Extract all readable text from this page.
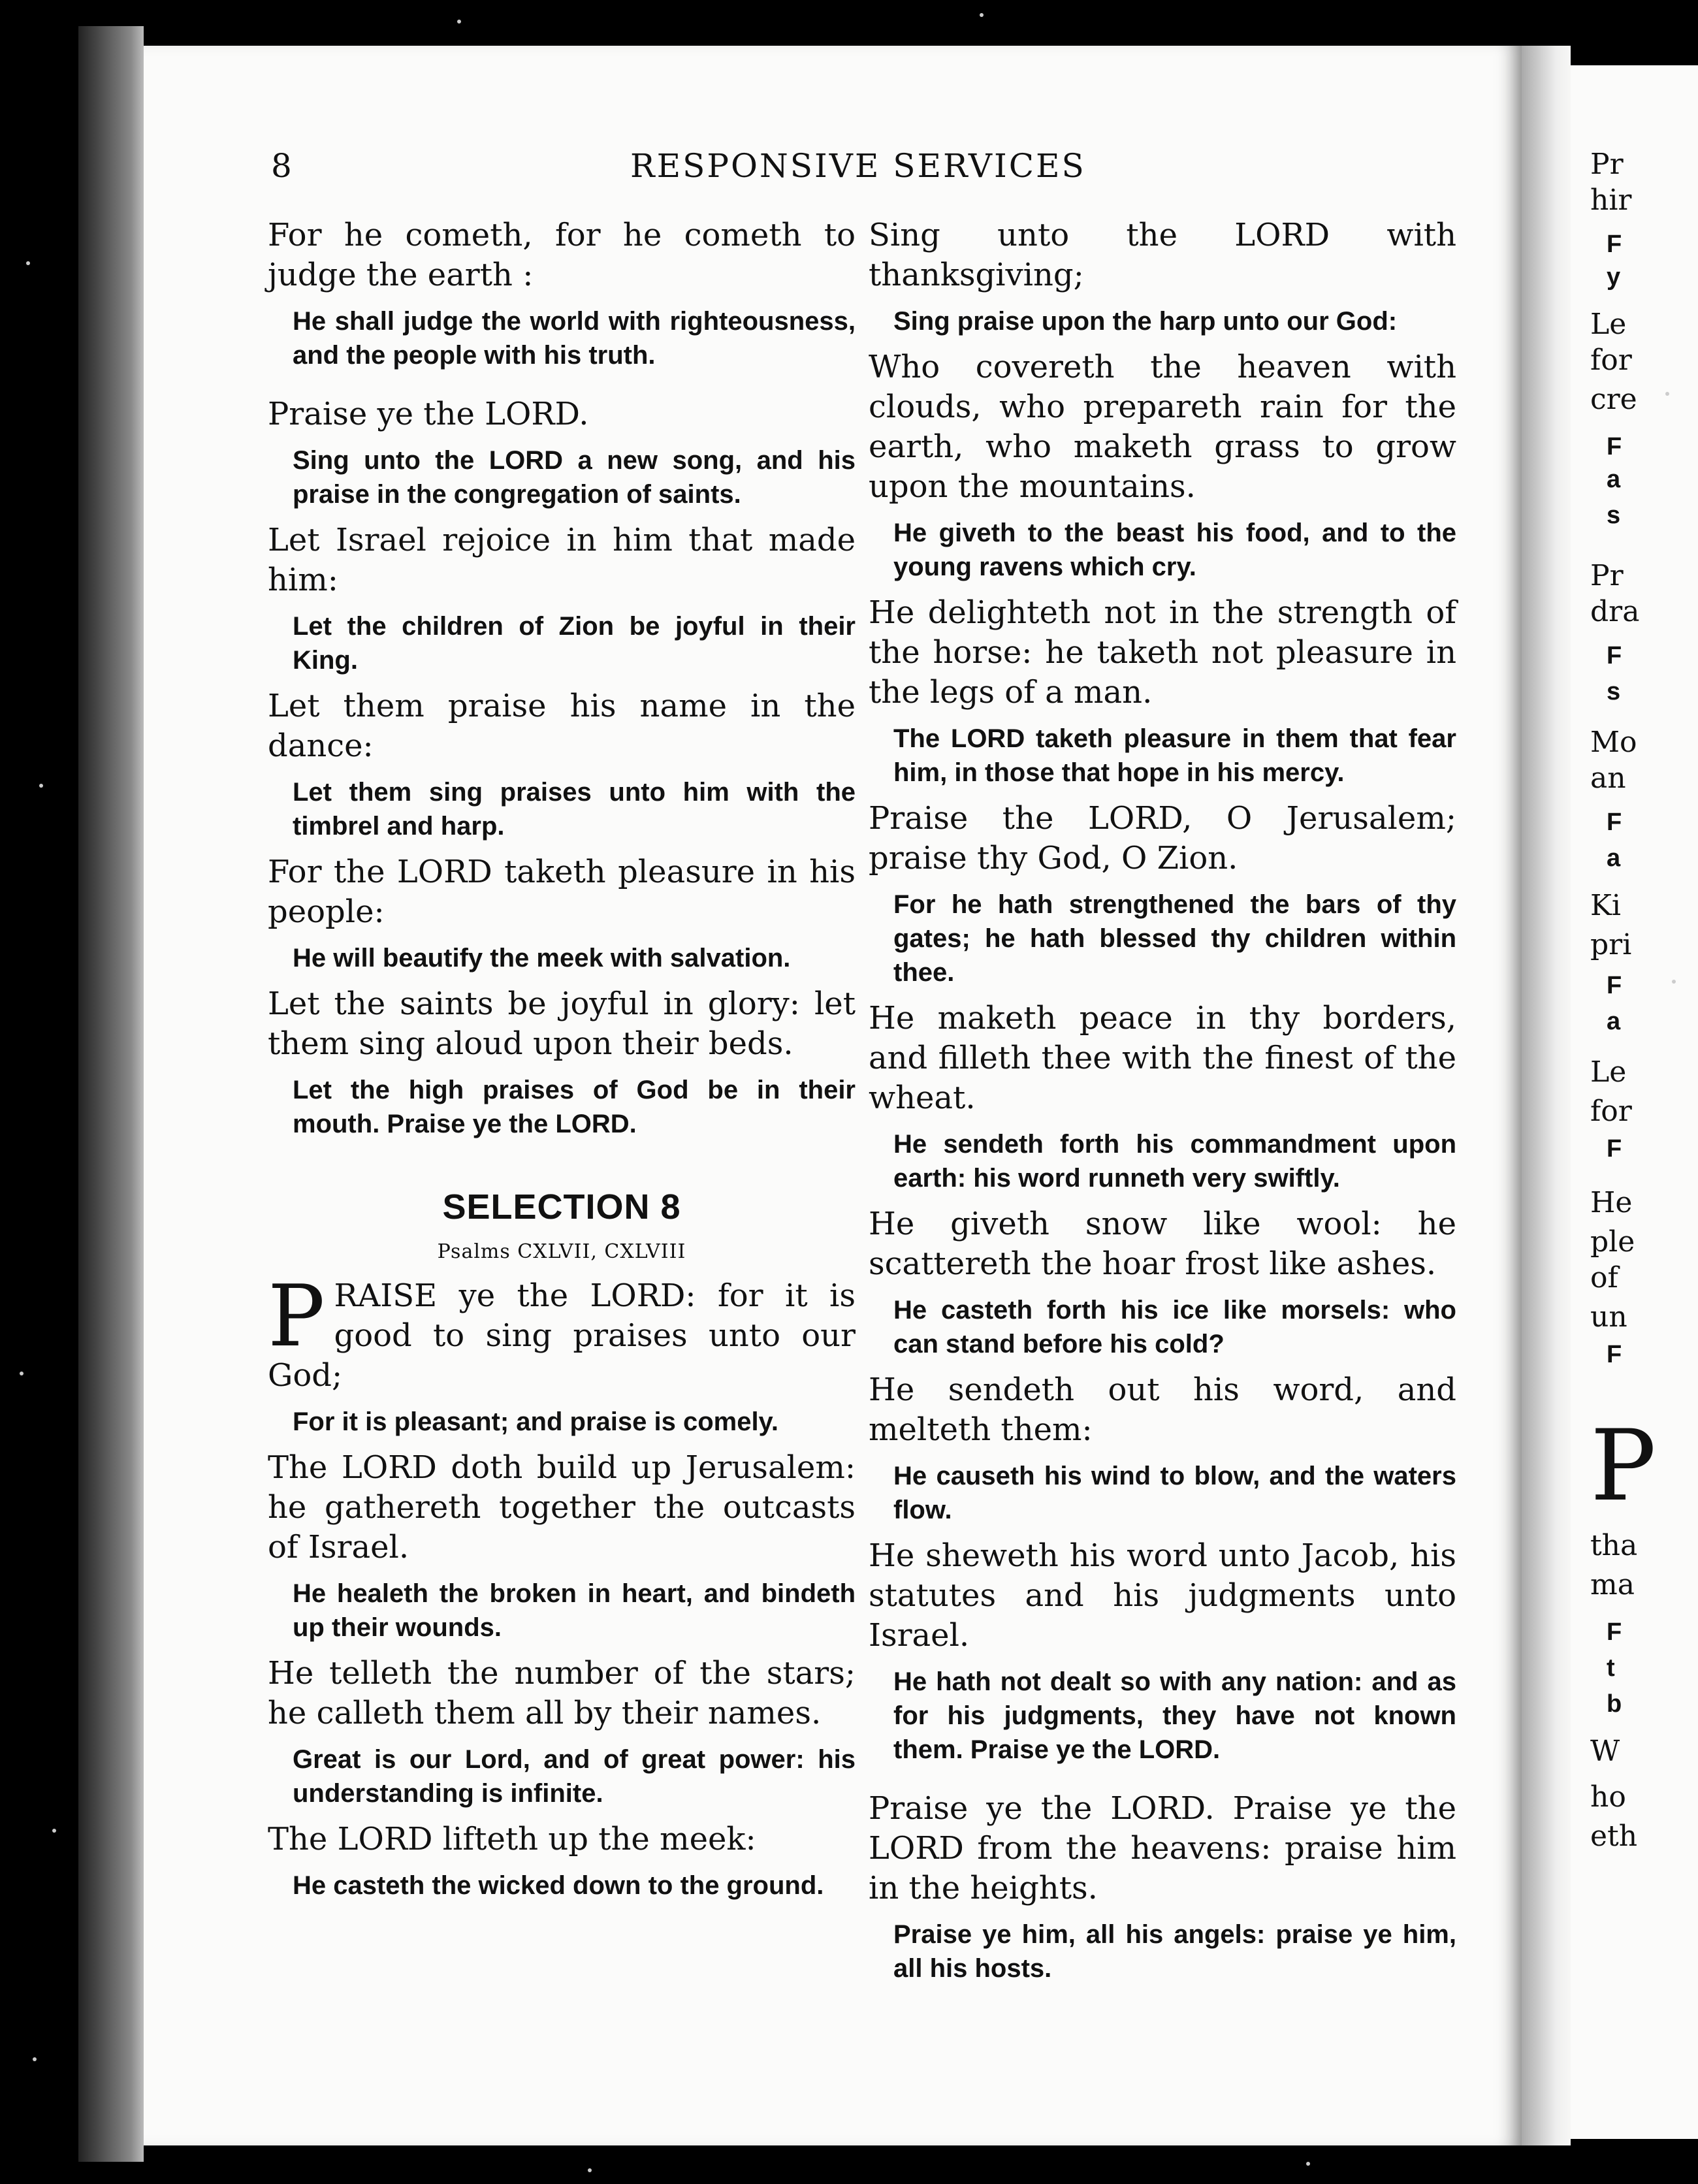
Pr
hir
F
y
Le
for
cre
F
a
s
Pr
dra
F
s
Mo
an
F
a
Ki
pri
F
a
Le
for
F
He
ple
of
un
F
P
tha
ma
F
t
b
W
ho
eth
8	RESPONSIVE SERVICES

For he cometh, for he cometh to judge the earth :

He shall judge the world with righteousness, and the people with his truth.

Praise ye the LORD.

Sing unto the LORD a new song, and his praise in the congregation of saints.

Let Israel rejoice in him that made him:

Let the children of Zion be joyful in their King.

Let them praise his name in the dance:

Let them sing praises unto him with the timbrel and harp.

For the LORD taketh pleasure in his people:

He will beautify the meek with salvation.

Let the saints be joyful in glory: let them sing aloud upon their beds.

Let the high praises of God be in their mouth. Praise ye the LORD.

SELECTION 8
Psalms CXLVII, CXLVIII

P RAISE ye the LORD: for it is good to sing praises unto our God;

For it is pleasant; and praise is comely.

The LORD doth build up Jerusalem: he gathereth together the outcasts of Israel.

He healeth the broken in heart, and bindeth up their wounds.

He telleth the number of the stars; he calleth them all by their names.

Great is our Lord, and of great power: his understanding is infinite.

The LORD lifteth up the meek:

He casteth the wicked down to the ground.

Sing unto the LORD with thanksgiving;

Sing praise upon the harp unto our God:

Who covereth the heaven with clouds, who prepareth rain for the earth, who maketh grass to grow upon the mountains.

He giveth to the beast his food, and to the young ravens which cry.

He delighteth not in the strength of the horse: he taketh not pleasure in the legs of a man.

The LORD taketh pleasure in them that fear him, in those that hope in his mercy.

Praise the LORD, O Jerusalem; praise thy God, O Zion.

For he hath strengthened the bars of thy gates; he hath blessed thy children within thee.

He maketh peace in thy borders, and filleth thee with the finest of the wheat.

He sendeth forth his commandment upon earth: his word runneth very swiftly.

He giveth snow like wool: he scattereth the hoar frost like ashes.

He casteth forth his ice like morsels: who can stand before his cold?

He sendeth out his word, and melteth them:

He causeth his wind to blow, and the waters flow.

He sheweth his word unto Jacob, his statutes and his judgments unto Israel.

He hath not dealt so with any nation: and as for his judgments, they have not known them. Praise ye the LORD.

Praise ye the LORD. Praise ye the LORD from the heavens: praise him in the heights.

Praise ye him, all his angels: praise ye him, all his hosts.
